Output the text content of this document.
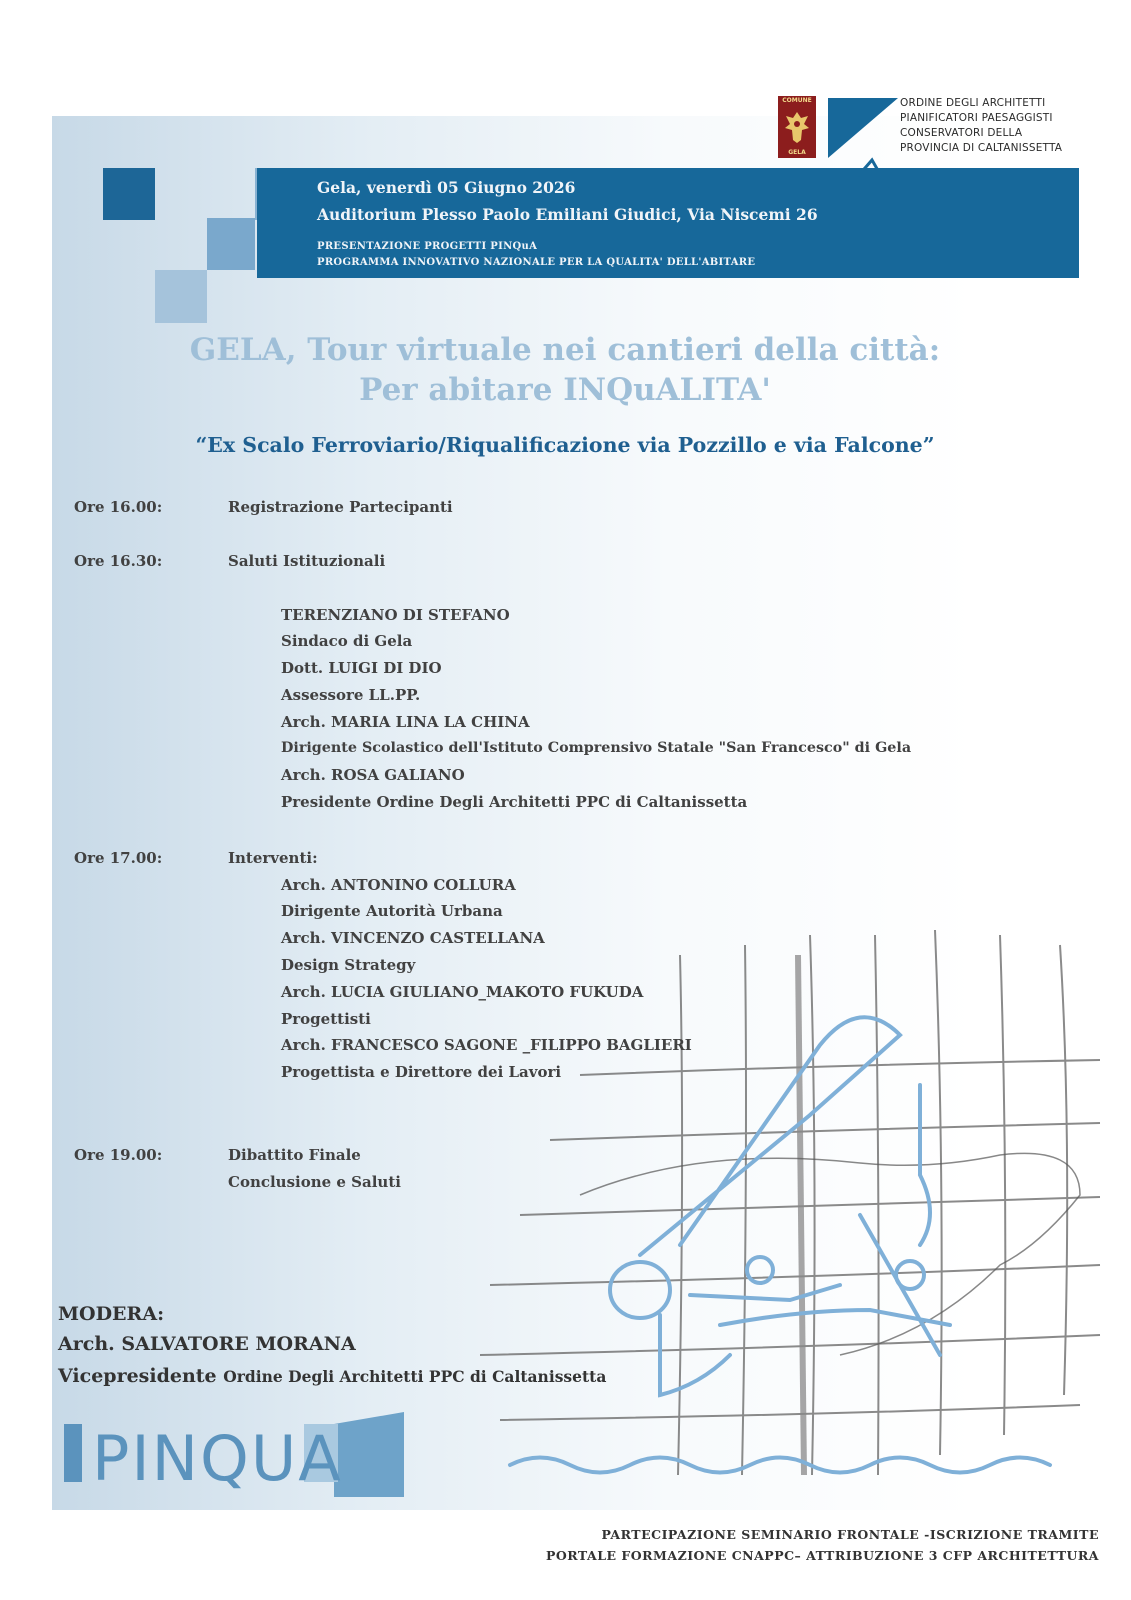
COMUNE
GELA
ORDINE DEGLI ARCHITETTI
PIANIFICATORI PAESAGGISTI
CONSERVATORI DELLA
PROVINCIA DI CALTANISSETTA
Gela, venerdì 05 Giugno 2026
Auditorium Plesso Paolo Emiliani Giudici, Via Niscemi 26
PRESENTAZIONE PROGETTI PINQuA
PROGRAMMA INNOVATIVO NAZIONALE PER LA QUALITA' DELL'ABITARE
GELA, Tour virtuale nei cantieri della città:
Per abitare INQuALITA'
“Ex Scalo Ferroviario/Riqualificazione via Pozzillo e via Falcone”
Ore 16.00:	Registrazione Partecipanti
Ore 16.30:	Saluti Istituzionali
TERENZIANO DI STEFANO
Sindaco di Gela
Dott. LUIGI DI DIO
Assessore LL.PP.
Arch. MARIA LINA LA CHINA
Dirigente Scolastico dell'Istituto Comprensivo Statale "San Francesco" di Gela
Arch. ROSA GALIANO
Presidente Ordine Degli Architetti PPC di Caltanissetta
Ore 17.00:	Interventi:
Arch. ANTONINO COLLURA
Dirigente Autorità Urbana
Arch. VINCENZO CASTELLANA
Design Strategy
Arch. LUCIA GIULIANO_MAKOTO FUKUDA
Progettisti
Arch. FRANCESCO SAGONE _FILIPPO BAGLIERI
Progettista e Direttore dei Lavori
Ore 19.00:	Dibattito Finale
Conclusione e Saluti
MODERA:
Arch. SALVATORE MORANA
Vicepresidente Ordine Degli Architetti PPC di Caltanissetta
PINQUA
PARTECIPAZIONE SEMINARIO FRONTALE -ISCRIZIONE TRAMITE
PORTALE FORMAZIONE CNAPPC– ATTRIBUZIONE 3 CFP ARCHITETTURA
